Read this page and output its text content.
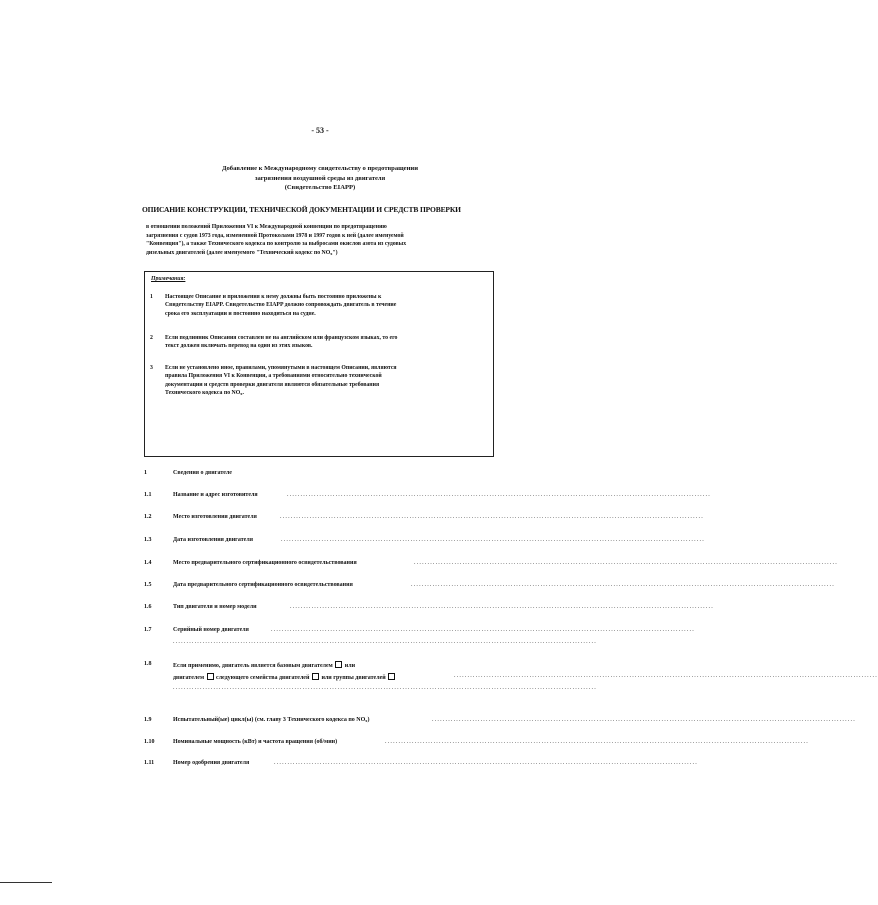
- 53 -
Добавление к Международному свидетельству о предотвращении
загрязнения воздушной среды из двигателя
(Свидетельство EIAPP)
ОПИСАНИЕ КОНСТРУКЦИИ, ТЕХНИЧЕСКОЙ ДОКУМЕНТАЦИИ И СРЕДСТВ ПРОВЕРКИ
в отношении положений Приложения VI к Международной конвенции по предотвращению
загрязнения с судов 1973 года, измененной Протоколами 1978 и 1997 годов к ней (далее именуемой
"Конвенция"), а также Технического кодекса по контролю за выбросами окислов азота из судовых
дизельных двигателей (далее именуемого "Технический кодекс по $NO_x$")
Примечания:
1 Настоящее Описание и приложения к нему должны быть постоянно приложены к
Свидетельству EIAPP. Свидетельство EIAPP должно сопровождать двигатель в течение
срока его эксплуатации и постоянно находиться на судне.
2 Если подлинник Описания составлен не на английском или французском языках, то его
текст должен включать перевод на один из этих языков.
3 Если не установлено иное, правилами, упомянутыми в настоящем Описании, являются
правила Приложения VI к Конвенции, а требованиями относительно технической
документации и средств проверки двигателя являются обязательные требования
Технического кодекса по $NO_x$.
1	Сведения о двигателе
1.1	Название и адрес изготовителя	.............................................................................................................................................................
1.2	Место изготовления двигателя	.............................................................................................................................................................
1.3	Дата изготовления двигателя	.............................................................................................................................................................
1.4	Место предварительного сертификационного освидетельствования	.............................................................................................................................................................
1.5	Дата предварительного сертификационного освидетельствования	.............................................................................................................................................................
1.6	Тип двигателя и номер модели	.............................................................................................................................................................
1.7	Серийный номер двигателя	.............................................................................................................................................................
.............................................................................................................................................................
1.8	Если применимо, двигатель является базовым двигателем или
двигателем следующего семейства двигателей или группы двигателей	.............................................................................................................................................................
.............................................................................................................................................................
1.9	Испытательный(ые) цикл(ы) (см. главу 3 Технического кодекса по $NO_x$)	.............................................................................................................................................................
1.10	Номинальные мощность (кВт) и частота вращения (об/мин)	.............................................................................................................................................................
1.11	Номер одобрения двигателя	.............................................................................................................................................................
